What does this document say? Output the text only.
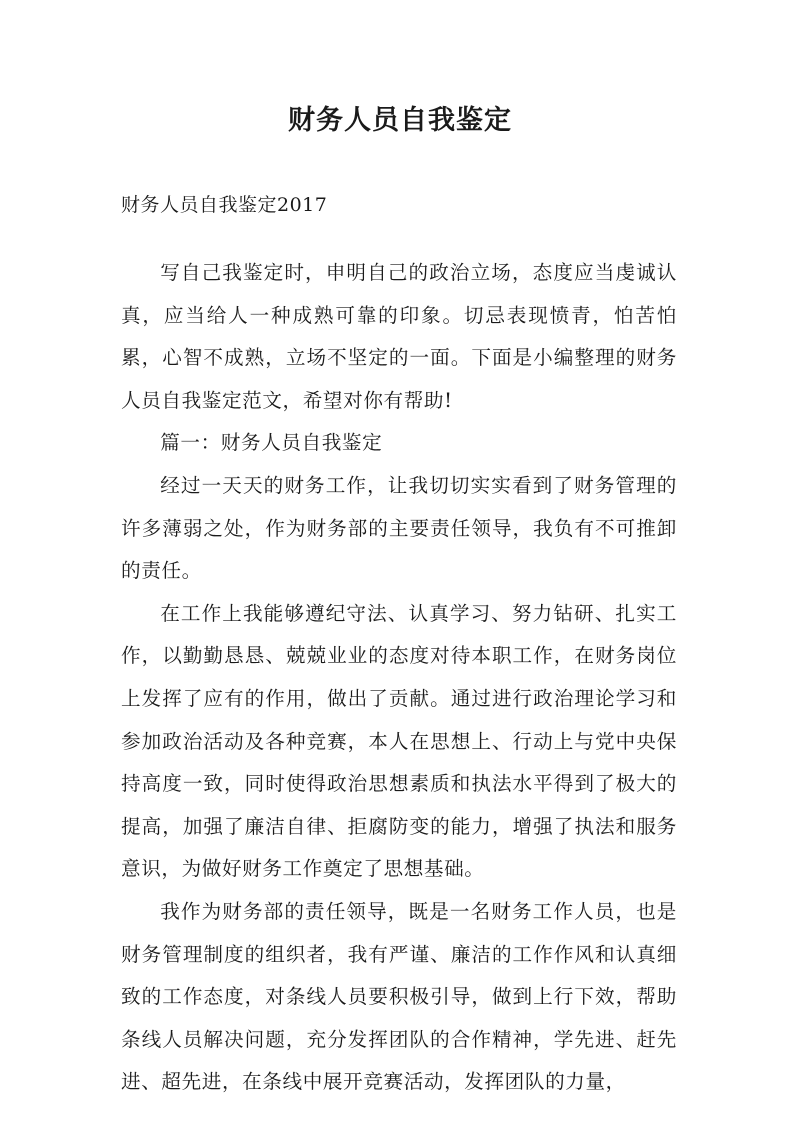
财务人员自我鉴定

财务人员自我鉴定2017

写自己我鉴定时，申明自己的政治立场，态度应当虔诚认真，应当给人一种成熟可靠的印象。切忌表现愤青，怕苦怕累，心智不成熟，立场不坚定的一面。下面是小编整理的财务人员自我鉴定范文，希望对你有帮助!

篇一：财务人员自我鉴定

经过一天天的财务工作，让我切切实实看到了财务管理的许多薄弱之处，作为财务部的主要责任领导，我负有不可推卸的责任。

在工作上我能够遵纪守法、认真学习、努力钻研、扎实工作，以勤勤恳恳、兢兢业业的态度对待本职工作，在财务岗位上发挥了应有的作用，做出了贡献。通过进行政治理论学习和参加政治活动及各种竞赛，本人在思想上、行动上与党中央保持高度一致，同时使得政治思想素质和执法水平得到了极大的提高，加强了廉洁自律、拒腐防变的能力，增强了执法和服务意识，为做好财务工作奠定了思想基础。

我作为财务部的责任领导，既是一名财务工作人员，也是财务管理制度的组织者，我有严谨、廉洁的工作作风和认真细致的工作态度，对条线人员要积极引导，做到上行下效，帮助条线人员解决问题，充分发挥团队的合作精神，学先进、赶先进、超先进，在条线中展开竞赛活动，发挥团队的力量，
